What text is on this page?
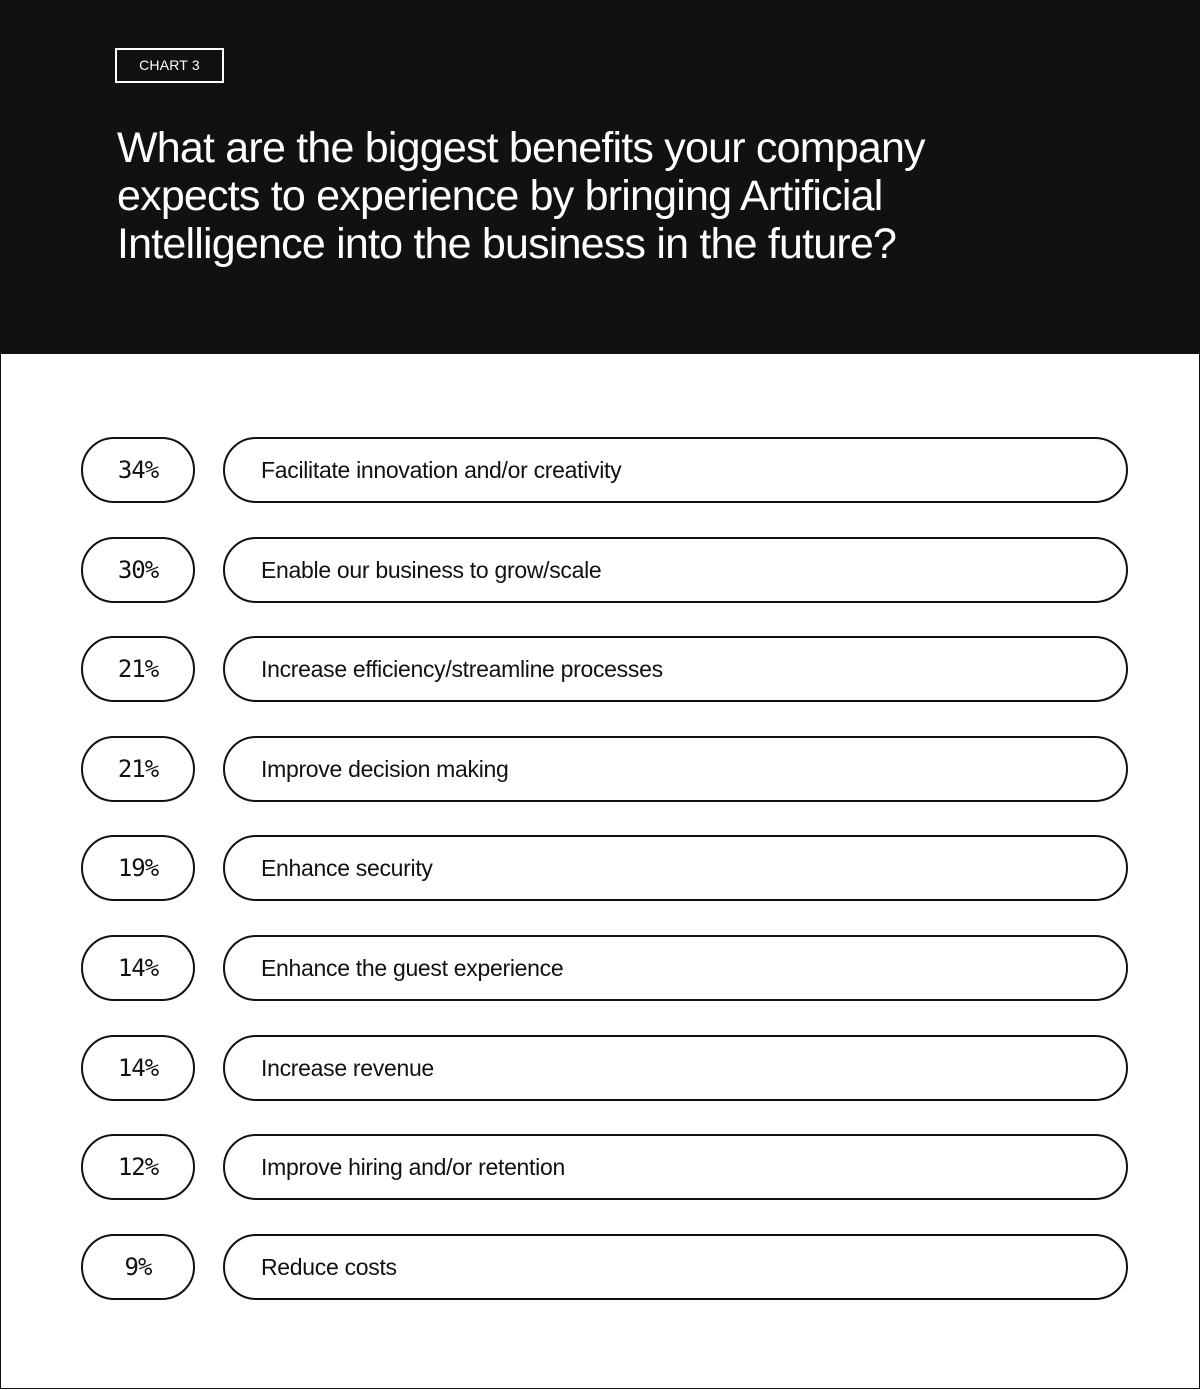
CHART 3
What are the biggest benefits your company expects to experience by bringing Artificial Intelligence into the business in the future?
34%	Facilitate innovation and/or creativity
30%	Enable our business to grow/scale
21%	Increase efficiency/streamline processes
21%	Improve decision making
19%	Enhance security
14%	Enhance the guest experience
14%	Increase revenue
12%	Improve hiring and/or retention
9%	Reduce costs
